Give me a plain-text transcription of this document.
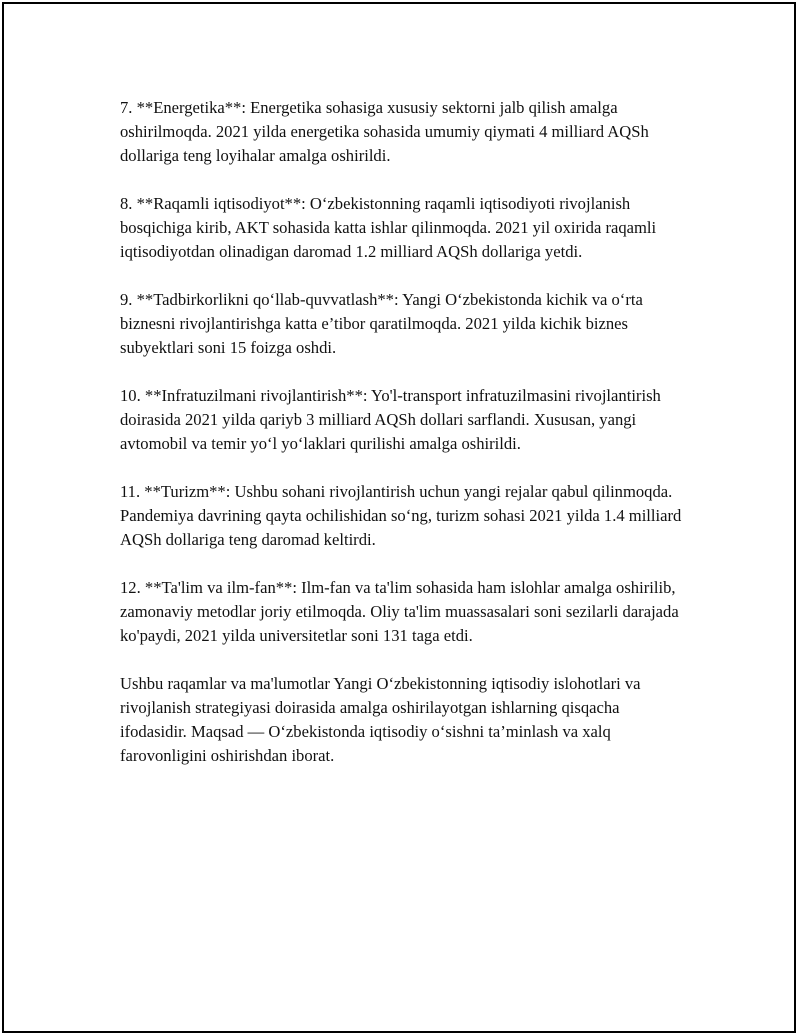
7. **Energetika**: Energetika sohasiga xususiy sektorni jalb qilish amalga oshirilmoqda. 2021 yilda energetika sohasida umumiy qiymati 4 milliard AQSh dollariga teng loyihalar amalga oshirildi.

8. **Raqamli iqtisodiyot**: O‘zbekistonning raqamli iqtisodiyoti rivojlanish bosqichiga kirib, AKT sohasida katta ishlar qilinmoqda. 2021 yil oxirida raqamli iqtisodiyotdan olinadigan daromad 1.2 milliard AQSh dollariga yetdi.

9. **Tadbirkorlikni qo‘llab-quvvatlash**: Yangi O‘zbekistonda kichik va o‘rta biznesni rivojlantirishga katta e’tibor qaratilmoqda. 2021 yilda kichik biznes subyektlari soni 15 foizga oshdi.

10. **Infratuzilmani rivojlantirish**: Yo'l-transport infratuzilmasini rivojlantirish doirasida 2021 yilda qariyb 3 milliard AQSh dollari sarflandi. Xususan, yangi avtomobil va temir yo‘l yo‘laklari qurilishi amalga oshirildi.

11. **Turizm**: Ushbu sohani rivojlantirish uchun yangi rejalar qabul qilinmoqda. Pandemiya davrining qayta ochilishidan so‘ng, turizm sohasi 2021 yilda 1.4 milliard AQSh dollariga teng daromad keltirdi.

12. **Ta'lim va ilm-fan**: Ilm-fan va ta'lim sohasida ham islohlar amalga oshirilib, zamonaviy metodlar joriy etilmoqda. Oliy ta'lim muassasalari soni sezilarli darajada ko'paydi, 2021 yilda universitetlar soni 131 taga etdi.

Ushbu raqamlar va ma'lumotlar Yangi O‘zbekistonning iqtisodiy islohotlari va rivojlanish strategiyasi doirasida amalga oshirilayotgan ishlarning qisqacha ifodasidir. Maqsad — O‘zbekistonda iqtisodiy o‘sishni ta’minlash va xalq farovonligini oshirishdan iborat.
